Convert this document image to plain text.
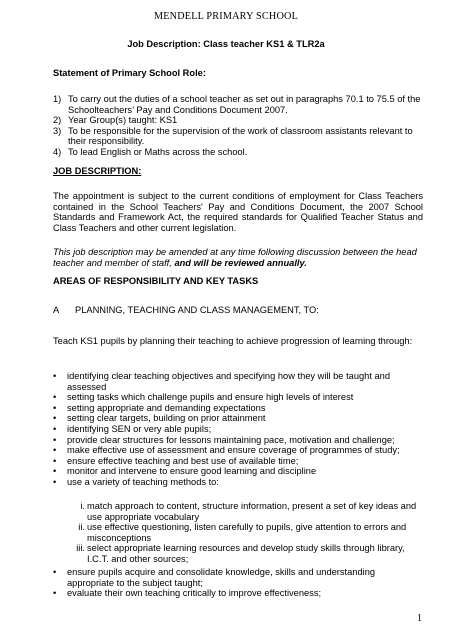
MENDELL PRIMARY SCHOOL
Job Description: Class teacher KS1 & TLR2a
Statement of Primary School Role:
1) To carry out the duties of a school teacher as set out in paragraphs 70.1 to 75.5 of the Schoolteachers’ Pay and Conditions Document 2007.
2) Year Group(s) taught: KS1
3) To be responsible for the supervision of the work of classroom assistants relevant to their responsibility.
4) To lead English or Maths across the school.
JOB DESCRIPTION:
The appointment is subject to the current conditions of employment for Class Teachers contained in the School Teachers' Pay and Conditions Document, the 2007 School Standards and Framework Act, the required standards for Qualified Teacher Status and Class Teachers and other current legislation.
This job description may be amended at any time following discussion between the head teacher and member of staff, and will be reviewed annually.
AREAS OF RESPONSIBILITY AND KEY TASKS
A PLANNING, TEACHING AND CLASS MANAGEMENT, TO:
Teach KS1 pupils by planning their teaching to achieve progression of learning through:
• identifying clear teaching objectives and specifying how they will be taught and assessed
• setting tasks which challenge pupils and ensure high levels of interest
• setting appropriate and demanding expectations
• setting clear targets, building on prior attainment
• identifying SEN or very able pupils;
• provide clear structures for lessons maintaining pace, motivation and challenge;
• make effective use of assessment and ensure coverage of programmes of study;
• ensure effective teaching and best use of available time;
• monitor and intervene to ensure good learning and discipline
• use a variety of teaching methods to:
i. match approach to content, structure information, present a set of key ideas and use appropriate vocabulary
ii. use effective questioning, listen carefully to pupils, give attention to errors and misconceptions
iii. select appropriate learning resources and develop study skills through library, I.C.T. and other sources;
• ensure pupils acquire and consolidate knowledge, skills and understanding appropriate to the subject taught;
• evaluate their own teaching critically to improve effectiveness;
1
